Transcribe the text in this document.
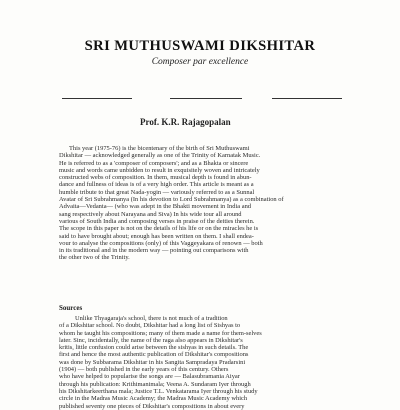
SRI MUTHUSWAMI DIKSHITAR
Composer par excellence
Prof. K.R. Rajagopalan
This year (1975-76) is the bicentenary of the birth of Sri Muthuswami
Dikshitar — acknowledged generally as one of the Trinity of Karnatak Music.
He is referred to as a 'composer of composers'; and as a Bhakta or sincere
music and words came unbidden to result in exquisitely woven and intricately
constructed webs of composition. In them, musical depth is found in abun-
dance and fullness of ideas is of a very high order. This article is meant as a
humble tribute to that great Nada-yogin — variously referred to as a Sunnal
Avatar of Sri Subrahmanya (In his devotion to Lord Subrahmanya) as a combination of
Advaita—Vedanta— (who was adept in the Bhakti movement in India and
sang respectively about Narayana and Siva) In his wide tour all around
various of South India and composing verses in praise of the deities therein.
The scope in this paper is not on the details of his life or on the miracles he is
said to have brought about; enough has been written on them. I shall endea-
vour to analyse the compositions (only) of this Vaggeyakara of renown — both
in its traditional and in the modern way — pointing out comparisons with
the other two of the Trinity.
Sources
Unlike Thyagaraja's school, there is not much of a tradition
of a Dikshitar school. No doubt, Dikshitar had a long list of Sishyas to
whom he taught his compositions; many of them made a name for them-selves
later. Sinc, incidentally, the name of the raga also appears in Dikshitar's
kritis, little confusion could arise between the sishyas in such details. The
first and hence the most authentic publication of Dikshitar's compositions
was done by Subbarama Dikshitar in his Sangita Sampradaya Pradarsini
(1904) — both published in the early years of this century. Others
who have helped to popularise the songs are — Balasubramania Aiyar
through his publication: Krithimanimala; Veena A. Sundaram Iyer through
his Dikshitarkeerthana mala; Justice T.L. Venkatarama Iyer through his study
circle in the Madras Music Academy; the Madras Music Academy which
published seventy one pieces of Dikshitar's compositions in about every
